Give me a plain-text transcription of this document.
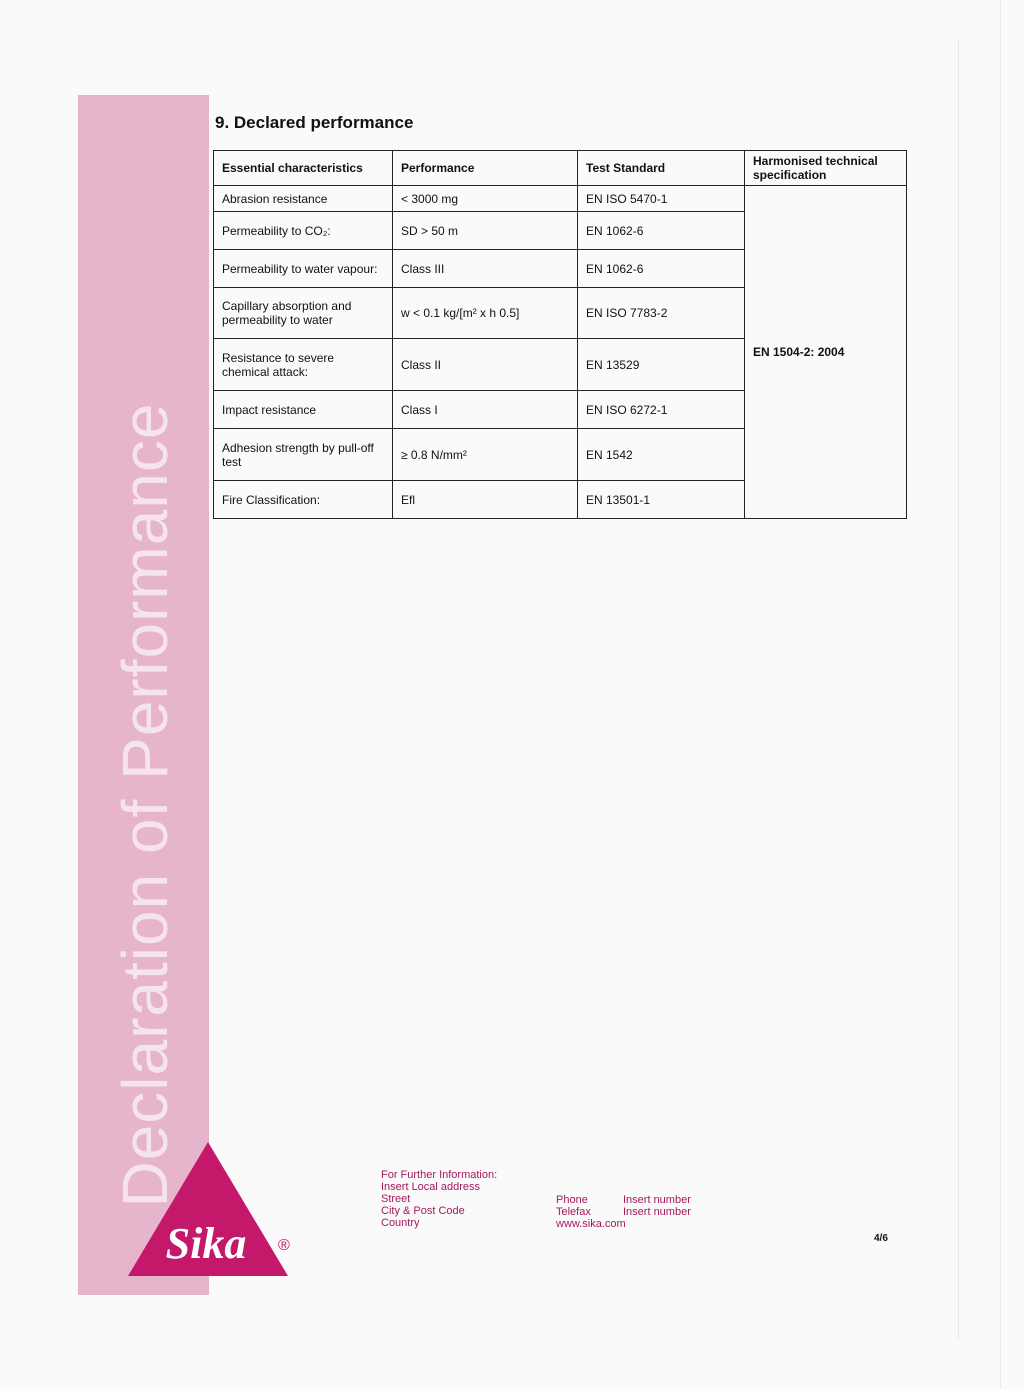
Declaration of Performance
9. Declared performance
Essential characteristics	Performance	Test Standard	Harmonised technical specification
Abrasion resistance	< 3000 mg	EN ISO 5470-1	EN 1504-2: 2004
Permeability to CO₂:	SD > 50 m	EN 1062-6	
Permeability to water vapour:	Class III	EN 1062-6	
Capillary absorption and permeability to water	w < 0.1 kg/[m² x h 0.5]	EN ISO 7783-2	
Resistance to severe chemical attack:	Class II	EN 13529	
Impact resistance	Class I	EN ISO 6272-1	
Adhesion strength by pull-off test	≥ 0.8 N/mm²	EN 1542	
Fire Classification:	Efl	EN 13501-1	
Sika ®
For Further Information:
Insert Local address
Street
City & Post Code
Country
Phone
Telefax
www.sika.com
Insert number
Insert number
4/6
